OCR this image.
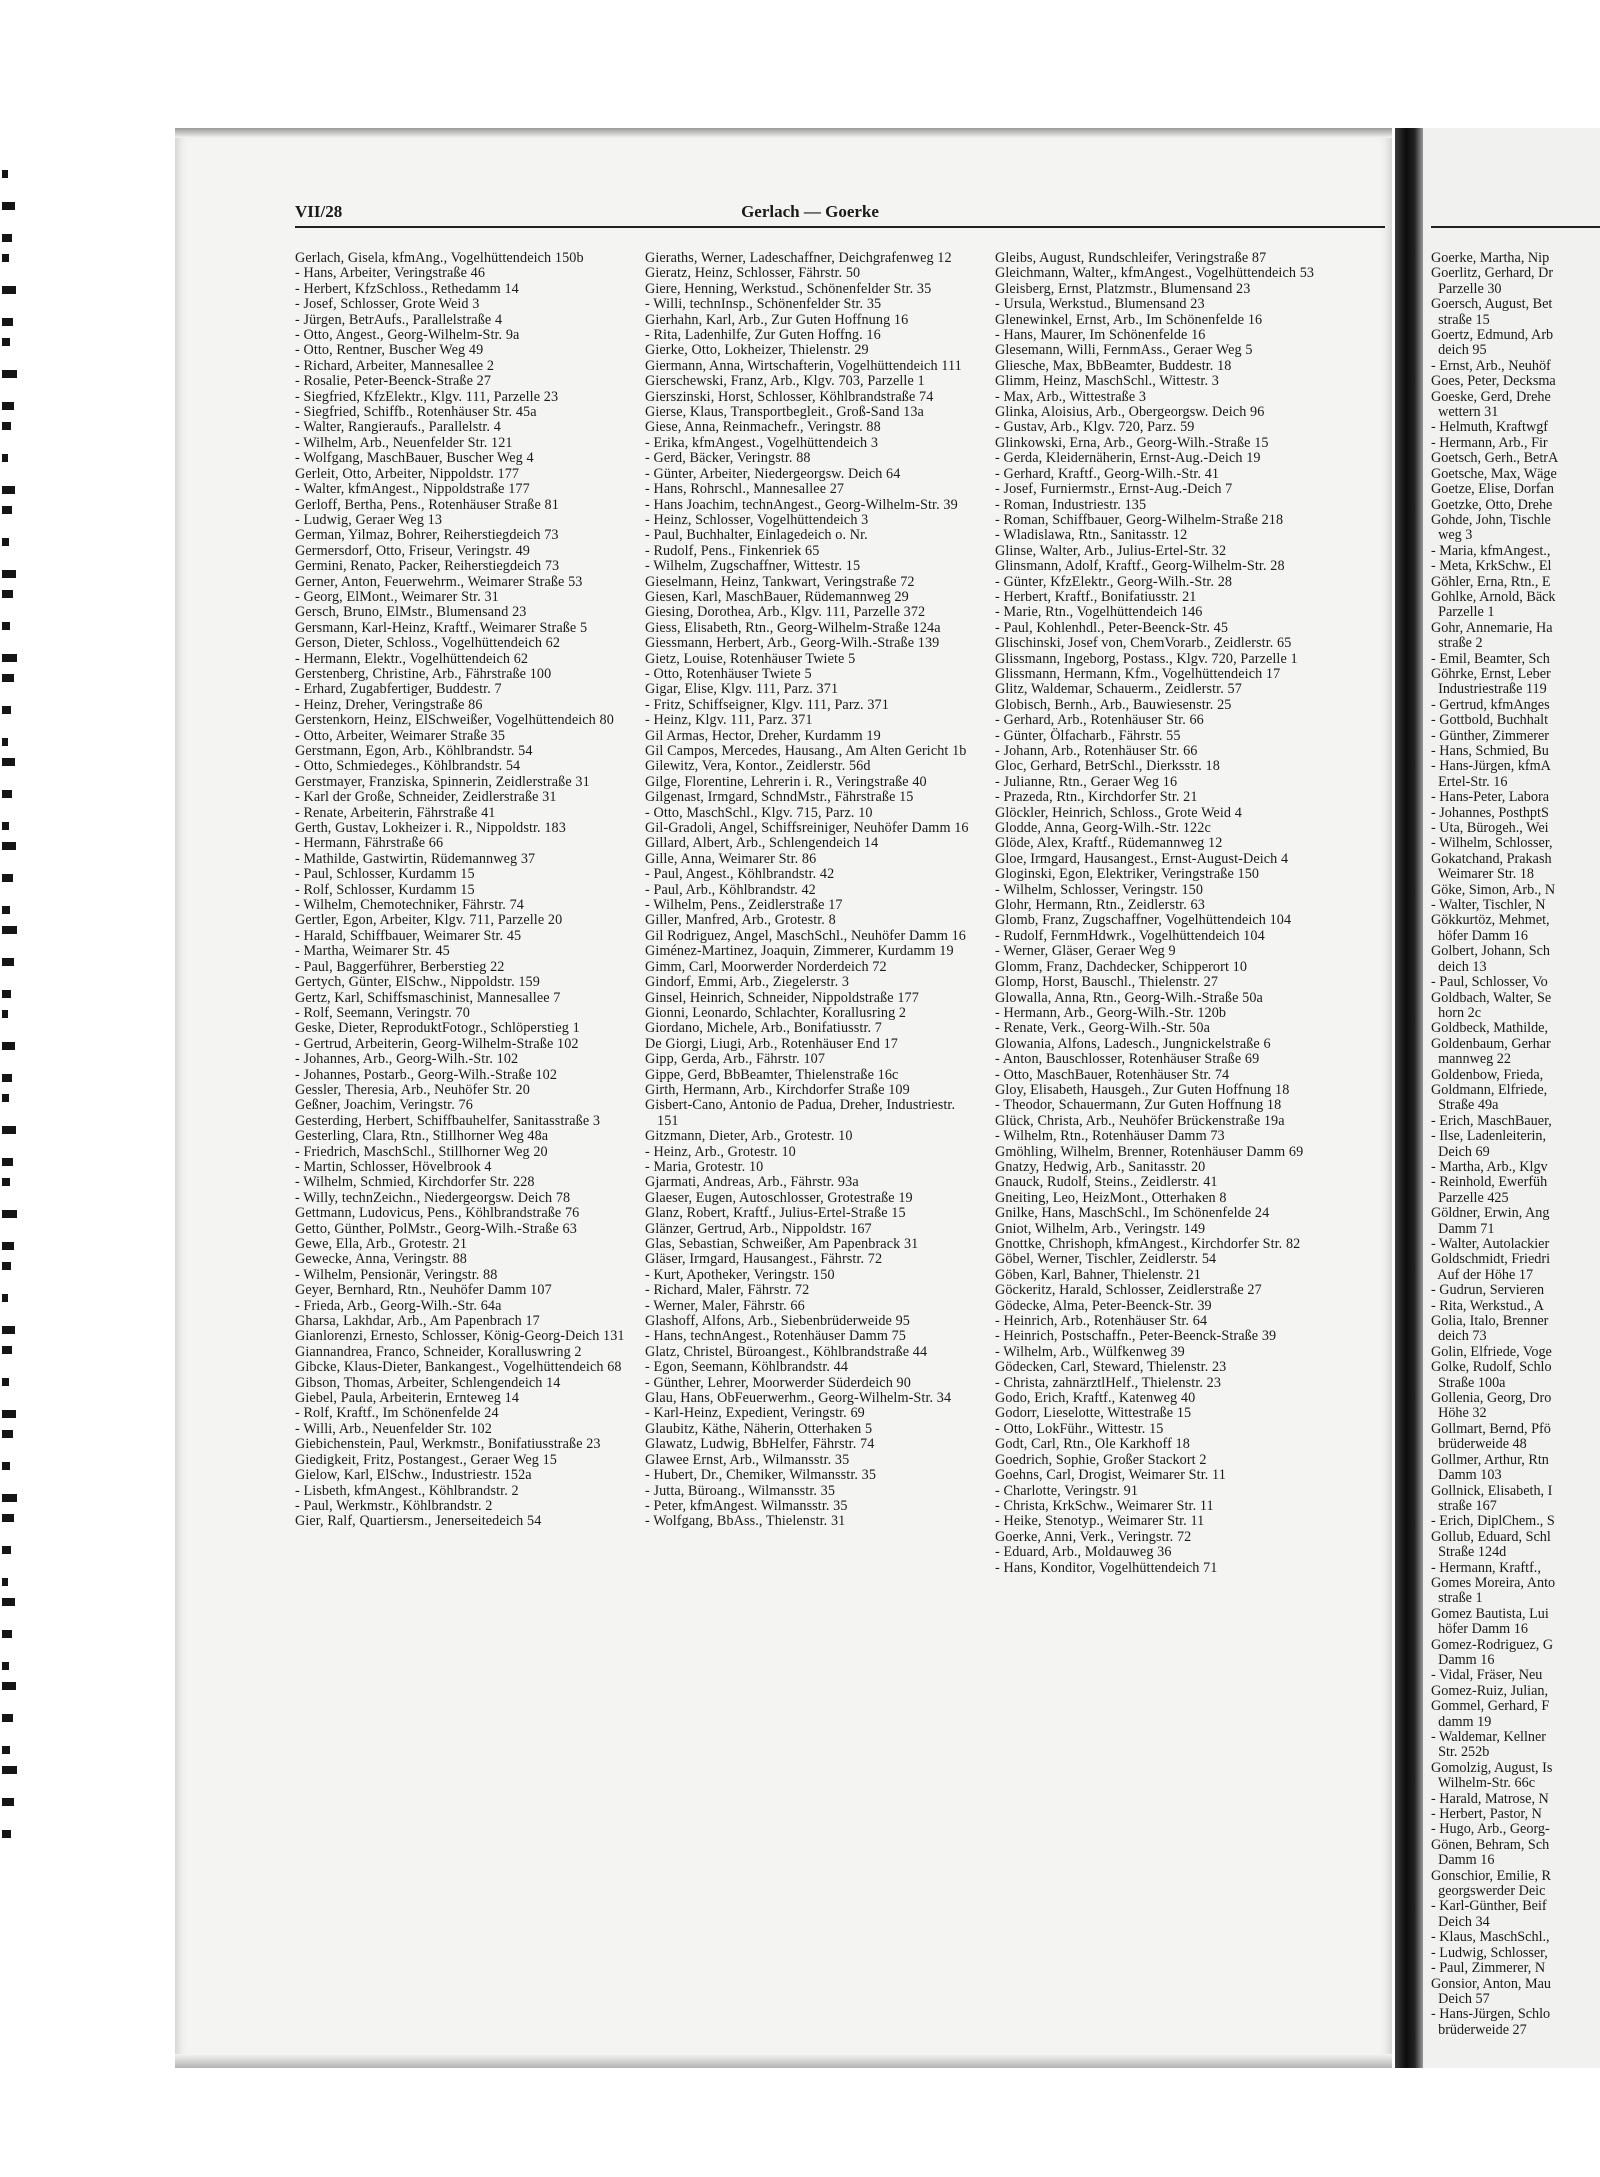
VII/28	Gerlach — Goerke

Gerlach, Gisela, kfmAng., Vogelhüttendeich 150b

- Hans, Arbeiter, Veringstraße 46

- Herbert, KfzSchloss., Rethedamm 14

- Josef, Schlosser, Grote Weid 3

- Jürgen, BetrAufs., Parallelstraße 4

- Otto, Angest., Georg-Wilhelm-Str. 9a

- Otto, Rentner, Buscher Weg 49

- Richard, Arbeiter, Mannesallee 2

- Rosalie, Peter-Beenck-Straße 27

- Siegfried, KfzElektr., Klgv. 111, Parzelle 23

- Siegfried, Schiffb., Rotenhäuser Str. 45a

- Walter, Rangieraufs., Parallelstr. 4

- Wilhelm, Arb., Neuenfelder Str. 121

- Wolfgang, MaschBauer, Buscher Weg 4

Gerleit, Otto, Arbeiter, Nippoldstr. 177

- Walter, kfmAngest., Nippoldstraße 177

Gerloff, Bertha, Pens., Rotenhäuser Straße 81

- Ludwig, Geraer Weg 13

German, Yilmaz, Bohrer, Reiherstiegdeich 73

Germersdorf, Otto, Friseur, Veringstr. 49

Germini, Renato, Packer, Reiherstiegdeich 73

Gerner, Anton, Feuerwehrm., Weimarer Straße 53

- Georg, ElMont., Weimarer Str. 31

Gersch, Bruno, ElMstr., Blumensand 23

Gersmann, Karl-Heinz, Kraftf., Weimarer Straße 5

Gerson, Dieter, Schloss., Vogelhüttendeich 62

- Hermann, Elektr., Vogelhüttendeich 62

Gerstenberg, Christine, Arb., Fährstraße 100

- Erhard, Zugabfertiger, Buddestr. 7

- Heinz, Dreher, Veringstraße 86

Gerstenkorn, Heinz, ElSchweißer, Vogelhüttendeich 80

- Otto, Arbeiter, Weimarer Straße 35

Gerstmann, Egon, Arb., Köhlbrandstr. 54

- Otto, Schmiedeges., Köhlbrandstr. 54

Gerstmayer, Franziska, Spinnerin, Zeidlerstraße 31

- Karl der Große, Schneider, Zeidlerstraße 31

- Renate, Arbeiterin, Fährstraße 41

Gerth, Gustav, Lokheizer i. R., Nippoldstr. 183

- Hermann, Fährstraße 66

- Mathilde, Gastwirtin, Rüdemannweg 37

- Paul, Schlosser, Kurdamm 15

- Rolf, Schlosser, Kurdamm 15

- Wilhelm, Chemotechniker, Fährstr. 74

Gertler, Egon, Arbeiter, Klgv. 711, Parzelle 20

- Harald, Schiffbauer, Weimarer Str. 45

- Martha, Weimarer Str. 45

- Paul, Baggerführer, Berberstieg 22

Gertych, Günter, ElSchw., Nippoldstr. 159

Gertz, Karl, Schiffsmaschinist, Mannesallee 7

- Rolf, Seemann, Veringstr. 70

Geske, Dieter, ReproduktFotogr., Schlöperstieg 1

- Gertrud, Arbeiterin, Georg-Wilhelm-Straße 102

- Johannes, Arb., Georg-Wilh.-Str. 102

- Johannes, Postarb., Georg-Wilh.-Straße 102

Gessler, Theresia, Arb., Neuhöfer Str. 20

Geßner, Joachim, Veringstr. 76

Gesterding, Herbert, Schiffbauhelfer, Sanitasstraße 3

Gesterling, Clara, Rtn., Stillhorner Weg 48a

- Friedrich, MaschSchl., Stillhorner Weg 20

- Martin, Schlosser, Hövelbrook 4

- Wilhelm, Schmied, Kirchdorfer Str. 228

- Willy, technZeichn., Niedergeorgsw. Deich 78

Gettmann, Ludovicus, Pens., Köhlbrandstraße 76

Getto, Günther, PolMstr., Georg-Wilh.-Straße 63

Gewe, Ella, Arb., Grotestr. 21

Gewecke, Anna, Veringstr. 88

- Wilhelm, Pensionär, Veringstr. 88

Geyer, Bernhard, Rtn., Neuhöfer Damm 107

- Frieda, Arb., Georg-Wilh.-Str. 64a

Gharsa, Lakhdar, Arb., Am Papenbrach 17

Gianlorenzi, Ernesto, Schlosser, König-Georg-Deich 131

Giannandrea, Franco, Schneider, Koralluswring 2

Gibcke, Klaus-Dieter, Bankangest., Vogelhüttendeich 68

Gibson, Thomas, Arbeiter, Schlengendeich 14

Giebel, Paula, Arbeiterin, Ernteweg 14

- Rolf, Kraftf., Im Schönenfelde 24

- Willi, Arb., Neuenfelder Str. 102

Giebichenstein, Paul, Werkmstr., Bonifatiusstraße 23

Giedigkeit, Fritz, Postangest., Geraer Weg 15

Gielow, Karl, ElSchw., Industriestr. 152a

- Lisbeth, kfmAngest., Köhlbrandstr. 2

- Paul, Werkmstr., Köhlbrandstr. 2

Gier, Ralf, Quartiersm., Jenerseitedeich 54

Gieraths, Werner, Ladeschaffner, Deichgrafenweg 12

Gieratz, Heinz, Schlosser, Fährstr. 50

Giere, Henning, Werkstud., Schönenfelder Str. 35

- Willi, technInsp., Schönenfelder Str. 35

Gierhahn, Karl, Arb., Zur Guten Hoffnung 16

- Rita, Ladenhilfe, Zur Guten Hoffng. 16

Gierke, Otto, Lokheizer, Thielenstr. 29

Giermann, Anna, Wirtschafterin, Vogelhüttendeich 111

Gierschewski, Franz, Arb., Klgv. 703, Parzelle 1

Gierszinski, Horst, Schlosser, Köhlbrandstraße 74

Gierse, Klaus, Transportbegleit., Groß-Sand 13a

Giese, Anna, Reinmachefr., Veringstr. 88

- Erika, kfmAngest., Vogelhüttendeich 3

- Gerd, Bäcker, Veringstr. 88

- Günter, Arbeiter, Niedergeorgsw. Deich 64

- Hans, Rohrschl., Mannesallee 27

- Hans Joachim, technAngest., Georg-Wilhelm-Str. 39

- Heinz, Schlosser, Vogelhüttendeich 3

- Paul, Buchhalter, Einlagedeich o. Nr.

- Rudolf, Pens., Finkenriek 65

- Wilhelm, Zugschaffner, Wittestr. 15

Gieselmann, Heinz, Tankwart, Veringstraße 72

Giesen, Karl, MaschBauer, Rüdemannweg 29

Giesing, Dorothea, Arb., Klgv. 111, Parzelle 372

Giess, Elisabeth, Rtn., Georg-Wilhelm-Straße 124a

Giessmann, Herbert, Arb., Georg-Wilh.-Straße 139

Gietz, Louise, Rotenhäuser Twiete 5

- Otto, Rotenhäuser Twiete 5

Gigar, Elise, Klgv. 111, Parz. 371

- Fritz, Schiffseigner, Klgv. 111, Parz. 371

- Heinz, Klgv. 111, Parz. 371

Gil Armas, Hector, Dreher, Kurdamm 19

Gil Campos, Mercedes, Hausang., Am Alten Gericht 1b

Gilewitz, Vera, Kontor., Zeidlerstr. 56d

Gilge, Florentine, Lehrerin i. R., Veringstraße 40

Gilgenast, Irmgard, SchndMstr., Fährstraße 15

- Otto, MaschSchl., Klgv. 715, Parz. 10

Gil-Gradoli, Angel, Schiffsreiniger, Neuhöfer Damm 16

Gillard, Albert, Arb., Schlengendeich 14

Gille, Anna, Weimarer Str. 86

- Paul, Angest., Köhlbrandstr. 42

- Paul, Arb., Köhlbrandstr. 42

- Wilhelm, Pens., Zeidlerstraße 17

Giller, Manfred, Arb., Grotestr. 8

Gil Rodriguez, Angel, MaschSchl., Neuhöfer Damm 16

Giménez-Martinez, Joaquin, Zimmerer, Kurdamm 19

Gimm, Carl, Moorwerder Norderdeich 72

Gindorf, Emmi, Arb., Ziegelerstr. 3

Ginsel, Heinrich, Schneider, Nippoldstraße 177

Gionni, Leonardo, Schlachter, Korallusring 2

Giordano, Michele, Arb., Bonifatiusstr. 7

De Giorgi, Liugi, Arb., Rotenhäuser End 17

Gipp, Gerda, Arb., Fährstr. 107

Gippe, Gerd, BbBeamter, Thielenstraße 16c

Girth, Hermann, Arb., Kirchdorfer Straße 109

Gisbert-Cano, Antonio de Padua, Dreher, Industriestr. 151

Gitzmann, Dieter, Arb., Grotestr. 10

- Heinz, Arb., Grotestr. 10

- Maria, Grotestr. 10

Gjarmati, Andreas, Arb., Fährstr. 93a

Glaeser, Eugen, Autoschlosser, Grotestraße 19

Glanz, Robert, Kraftf., Julius-Ertel-Straße 15

Glänzer, Gertrud, Arb., Nippoldstr. 167

Glas, Sebastian, Schweißer, Am Papenbrack 31

Gläser, Irmgard, Hausangest., Fährstr. 72

- Kurt, Apotheker, Veringstr. 150

- Richard, Maler, Fährstr. 72

- Werner, Maler, Fährstr. 66

Glashoff, Alfons, Arb., Siebenbrüderweide 95

- Hans, technAngest., Rotenhäuser Damm 75

Glatz, Christel, Büroangest., Köhlbrandstraße 44

- Egon, Seemann, Köhlbrandstr. 44

- Günther, Lehrer, Moorwerder Süderdeich 90

Glau, Hans, ObFeuerwerhm., Georg-Wilhelm-Str. 34

- Karl-Heinz, Expedient, Veringstr. 69

Glaubitz, Käthe, Näherin, Otterhaken 5

Glawatz, Ludwig, BbHelfer, Fährstr. 74

Glawee Ernst, Arb., Wilmansstr. 35

- Hubert, Dr., Chemiker, Wilmansstr. 35

- Jutta, Büroang., Wilmansstr. 35

- Peter, kfmAngest. Wilmansstr. 35

- Wolfgang, BbAss., Thielenstr. 31

Gleibs, August, Rundschleifer, Veringstraße 87

Gleichmann, Walter,, kfmAngest., Vogelhüttendeich 53

Gleisberg, Ernst, Platzmstr., Blumensand 23

- Ursula, Werkstud., Blumensand 23

Glenewinkel, Ernst, Arb., Im Schönenfelde 16

- Hans, Maurer, Im Schönenfelde 16

Glesemann, Willi, FernmAss., Geraer Weg 5

Gliesche, Max, BbBeamter, Buddestr. 18

Glimm, Heinz, MaschSchl., Wittestr. 3

- Max, Arb., Wittestraße 3

Glinka, Aloisius, Arb., Obergeorgsw. Deich 96

- Gustav, Arb., Klgv. 720, Parz. 59

Glinkowski, Erna, Arb., Georg-Wilh.-Straße 15

- Gerda, Kleidernäherin, Ernst-Aug.-Deich 19

- Gerhard, Kraftf., Georg-Wilh.-Str. 41

- Josef, Furniermstr., Ernst-Aug.-Deich 7

- Roman, Industriestr. 135

- Roman, Schiffbauer, Georg-Wilhelm-Straße 218

- Wladislawa, Rtn., Sanitasstr. 12

Glinse, Walter, Arb., Julius-Ertel-Str. 32

Glinsmann, Adolf, Kraftf., Georg-Wilhelm-Str. 28

- Günter, KfzElektr., Georg-Wilh.-Str. 28

- Herbert, Kraftf., Bonifatiusstr. 21

- Marie, Rtn., Vogelhüttendeich 146

- Paul, Kohlenhdl., Peter-Beenck-Str. 45

Glischinski, Josef von, ChemVorarb., Zeidlerstr. 65

Glissmann, Ingeborg, Postass., Klgv. 720, Parzelle 1

Glissmann, Hermann, Kfm., Vogelhüttendeich 17

Glitz, Waldemar, Schauerm., Zeidlerstr. 57

Globisch, Bernh., Arb., Bauwiesenstr. 25

- Gerhard, Arb., Rotenhäuser Str. 66

- Günter, Ölfacharb., Fährstr. 55

- Johann, Arb., Rotenhäuser Str. 66

Gloc, Gerhard, BetrSchl., Dierksstr. 18

- Julianne, Rtn., Geraer Weg 16

- Prazeda, Rtn., Kirchdorfer Str. 21

Glöckler, Heinrich, Schloss., Grote Weid 4

Glodde, Anna, Georg-Wilh.-Str. 122c

Glöde, Alex, Kraftf., Rüdemannweg 12

Gloe, Irmgard, Hausangest., Ernst-August-Deich 4

Gloginski, Egon, Elektriker, Veringstraße 150

- Wilhelm, Schlosser, Veringstr. 150

Glohr, Hermann, Rtn., Zeidlerstr. 63

Glomb, Franz, Zugschaffner, Vogelhüttendeich 104

- Rudolf, FernmHdwrk., Vogelhüttendeich 104

- Werner, Gläser, Geraer Weg 9

Glomm, Franz, Dachdecker, Schipperort 10

Glomp, Horst, Bauschl., Thielenstr. 27

Glowalla, Anna, Rtn., Georg-Wilh.-Straße 50a

- Hermann, Arb., Georg-Wilh.-Str. 120b

- Renate, Verk., Georg-Wilh.-Str. 50a

Glowania, Alfons, Ladesch., Jungnickelstraße 6

- Anton, Bauschlosser, Rotenhäuser Straße 69

- Otto, MaschBauer, Rotenhäuser Str. 74

Gloy, Elisabeth, Hausgeh., Zur Guten Hoffnung 18

- Theodor, Schauermann, Zur Guten Hoffnung 18

Glück, Christa, Arb., Neuhöfer Brückenstraße 19a

- Wilhelm, Rtn., Rotenhäuser Damm 73

Gmöhling, Wilhelm, Brenner, Rotenhäuser Damm 69

Gnatzy, Hedwig, Arb., Sanitasstr. 20

Gnauck, Rudolf, Steins., Zeidlerstr. 41

Gneiting, Leo, HeizMont., Otterhaken 8

Gnilke, Hans, MaschSchl., Im Schönenfelde 24

Gniot, Wilhelm, Arb., Veringstr. 149

Gnottke, Chrishoph, kfmAngest., Kirchdorfer Str. 82

Göbel, Werner, Tischler, Zeidlerstr. 54

Göben, Karl, Bahner, Thielenstr. 21

Göckeritz, Harald, Schlosser, Zeidlerstraße 27

Gödecke, Alma, Peter-Beenck-Str. 39

- Heinrich, Arb., Rotenhäuser Str. 64

- Heinrich, Postschaffn., Peter-Beenck-Straße 39

- Wilhelm, Arb., Wülfkenweg 39

Gödecken, Carl, Steward, Thielenstr. 23

- Christa, zahnärztlHelf., Thielenstr. 23

Godo, Erich, Kraftf., Katenweg 40

Godorr, Lieselotte, Wittestraße 15

- Otto, LokFühr., Wittestr. 15

Godt, Carl, Rtn., Ole Karkhoff 18

Goedrich, Sophie, Großer Stackort 2

Goehns, Carl, Drogist, Weimarer Str. 11

- Charlotte, Veringstr. 91

- Christa, KrkSchw., Weimarer Str. 11

- Heike, Stenotyp., Weimarer Str. 11

Goerke, Anni, Verk., Veringstr. 72

- Eduard, Arb., Moldauweg 36

- Hans, Konditor, Vogelhüttendeich 71

Goerke, Martha, Nip
Goerlitz, Gerhard, Dr
Parzelle 30
Goersch, August, Bet
straße 15
Goertz, Edmund, Arb
deich 95
- Ernst, Arb., Neuhöf
Goes, Peter, Decksma
Goeske, Gerd, Drehe
wettern 31
- Helmuth, Kraftwgf
- Hermann, Arb., Fir
Goetsch, Gerh., BetrA
Goetsche, Max, Wäge
Goetze, Elise, Dorfan
Goetzke, Otto, Drehe
Gohde, John, Tischle
weg 3
- Maria, kfmAngest.,
- Meta, KrkSchw., El
Göhler, Erna, Rtn., E
Gohlke, Arnold, Bäck
Parzelle 1
Gohr, Annemarie, Ha
straße 2
- Emil, Beamter, Sch
Göhrke, Ernst, Leber
Industriestraße 119
- Gertrud, kfmAnges
- Gottbold, Buchhalt
- Günther, Zimmerer
- Hans, Schmied, Bu
- Hans-Jürgen, kfmA
Ertel-Str. 16
- Hans-Peter, Labora
- Johannes, PosthptS
- Uta, Bürogeh., Wei
- Wilhelm, Schlosser,
Gokatchand, Prakash
Weimarer Str. 18
Göke, Simon, Arb., N
- Walter, Tischler, N
Gökkurtöz, Mehmet,
höfer Damm 16
Golbert, Johann, Sch
deich 13
- Paul, Schlosser, Vo
Goldbach, Walter, Se
horn 2c
Goldbeck, Mathilde,
Goldenbaum, Gerhar
mannweg 22
Goldenbow, Frieda,
Goldmann, Elfriede,
Straße 49a
- Erich, MaschBauer,
- Ilse, Ladenleiterin,
Deich 69
- Martha, Arb., Klgv
- Reinhold, Ewerfüh
Parzelle 425
Göldner, Erwin, Ang
Damm 71
- Walter, Autolackier
Goldschmidt, Friedri
Auf der Höhe 17
- Gudrun, Servieren
- Rita, Werkstud., A
Golia, Italo, Brenner
deich 73
Golin, Elfriede, Voge
Golke, Rudolf, Schlo
Straße 100a
Gollenia, Georg, Dro
Höhe 32
Gollmart, Bernd, Pfö
brüderweide 48
Gollmer, Arthur, Rtn
Damm 103
Gollnick, Elisabeth, I
straße 167
- Erich, DiplChem., S
Gollub, Eduard, Schl
Straße 124d
- Hermann, Kraftf.,
Gomes Moreira, Anto
straße 1
Gomez Bautista, Lui
höfer Damm 16
Gomez-Rodriguez, G
Damm 16
- Vidal, Fräser, Neu
Gomez-Ruiz, Julian,
Gommel, Gerhard, F
damm 19
- Waldemar, Kellner
Str. 252b
Gomolzig, August, Is
Wilhelm-Str. 66c
- Harald, Matrose, N
- Herbert, Pastor, N
- Hugo, Arb., Georg-
Gönen, Behram, Sch
Damm 16
Gonschior, Emilie, R
georgswerder Deic
- Karl-Günther, Beif
Deich 34
- Klaus, MaschSchl.,
- Ludwig, Schlosser,
- Paul, Zimmerer, N
Gonsior, Anton, Mau
Deich 57
- Hans-Jürgen, Schlo
brüderweide 27
